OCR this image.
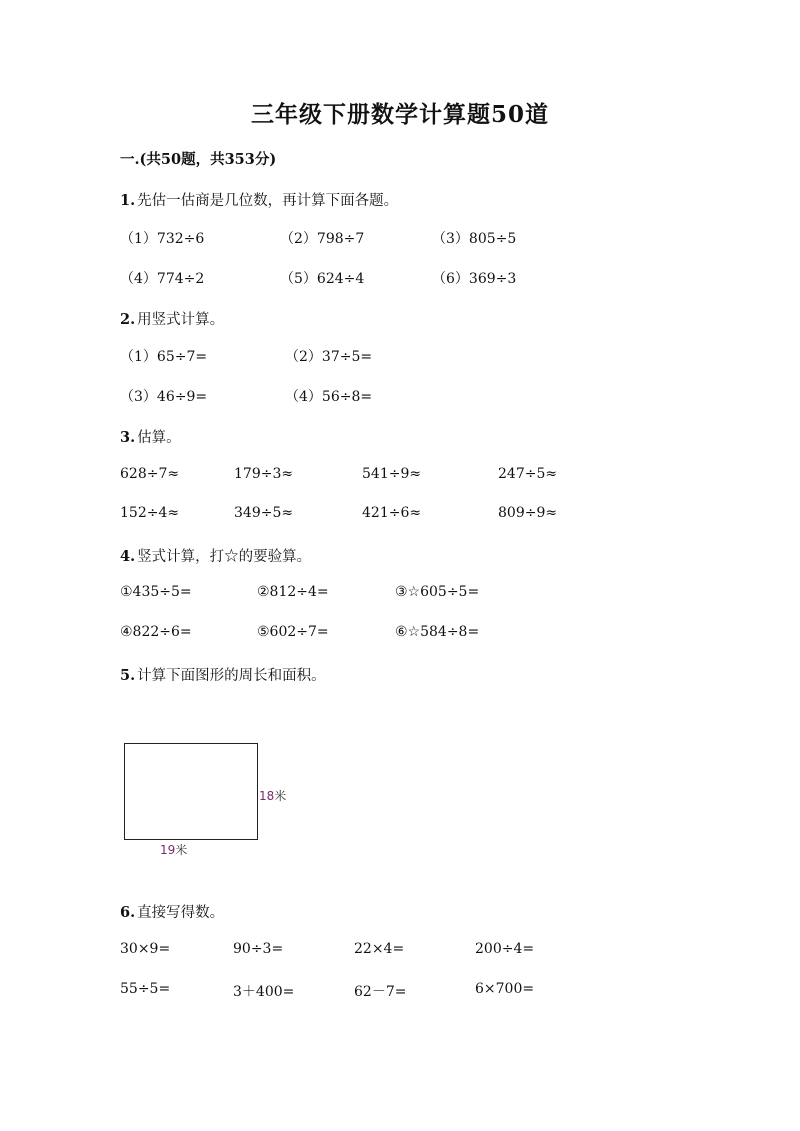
三年级下册数学计算题50道
一.(共50题，共353分)
1. 先估一估商是几位数，再计算下面各题。
（1）732÷6	（2）798÷7	（3）805÷5
（4）774÷2	（5）624÷4	（6）369÷3
2. 用竖式计算。
（1）65÷7=	（2）37÷5=
（3）46÷9=	（4）56÷8=
3. 估算。
628÷7≈	179÷3≈	541÷9≈	247÷5≈
152÷4≈	349÷5≈	421÷6≈	809÷9≈
4. 竖式计算，打☆的要验算。
①435÷5=	②812÷4=	③☆605÷5=
④822÷6=	⑤602÷7=	⑥☆584÷8=
5. 计算下面图形的周长和面积。
18米
19米
6. 直接写得数。
30×9=	90÷3=	22×4=	200÷4=
55÷5=	3＋400=	62－7=	6×700=
